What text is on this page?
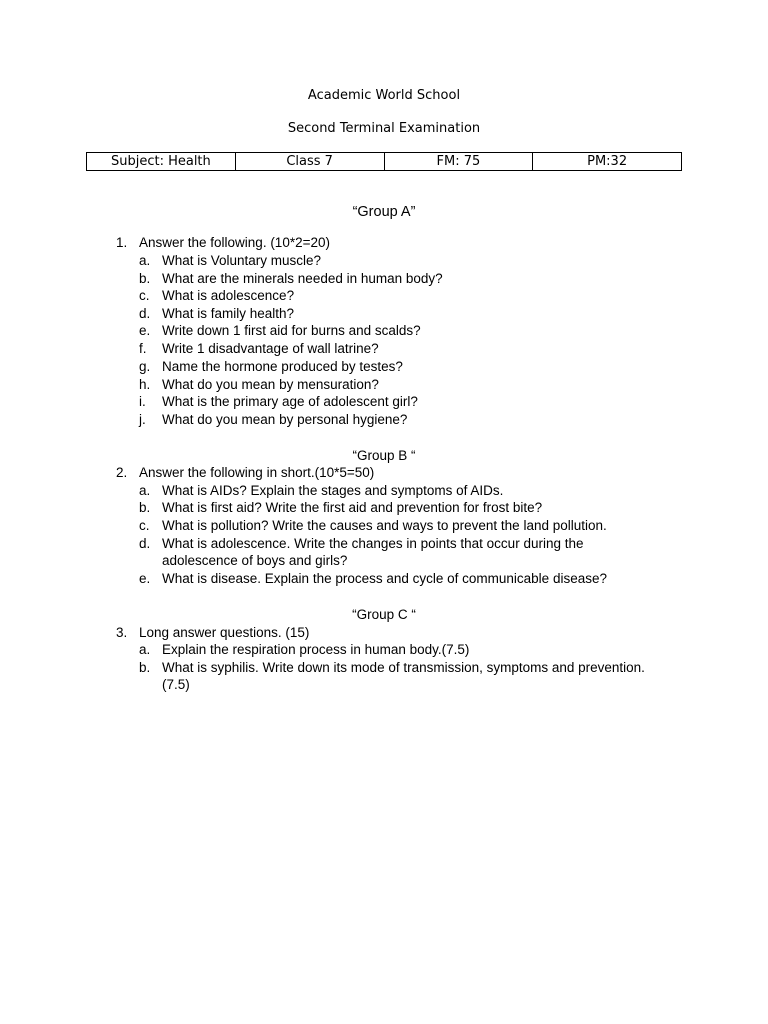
Academic World School
Second Terminal Examination
Subject: Health	Class 7	FM: 75	PM:32
“Group A”
1. Answer the following. (10*2=20)
a. What is Voluntary muscle?
b. What are the minerals needed in human body?
c. What is adolescence?
d. What is family health?
e. Write down 1 first aid for burns and scalds?
f. Write 1 disadvantage of wall latrine?
g. Name the hormone produced by testes?
h. What do you mean by mensuration?
i. What is the primary age of adolescent girl?
j. What do you mean by personal hygiene?
“Group B “
2. Answer the following in short.(10*5=50)
a. What is AIDs? Explain the stages and symptoms of AIDs.
b. What is first aid? Write the first aid and prevention for frost bite?
c. What is pollution? Write the causes and ways to prevent the land pollution.
d. What is adolescence. Write the changes in points that occur during the
adolescence of boys and girls?
e. What is disease. Explain the process and cycle of communicable disease?
“Group C “
3. Long answer questions. (15)
a. Explain the respiration process in human body.(7.5)
b. What is syphilis. Write down its mode of transmission, symptoms and prevention.
(7.5)
